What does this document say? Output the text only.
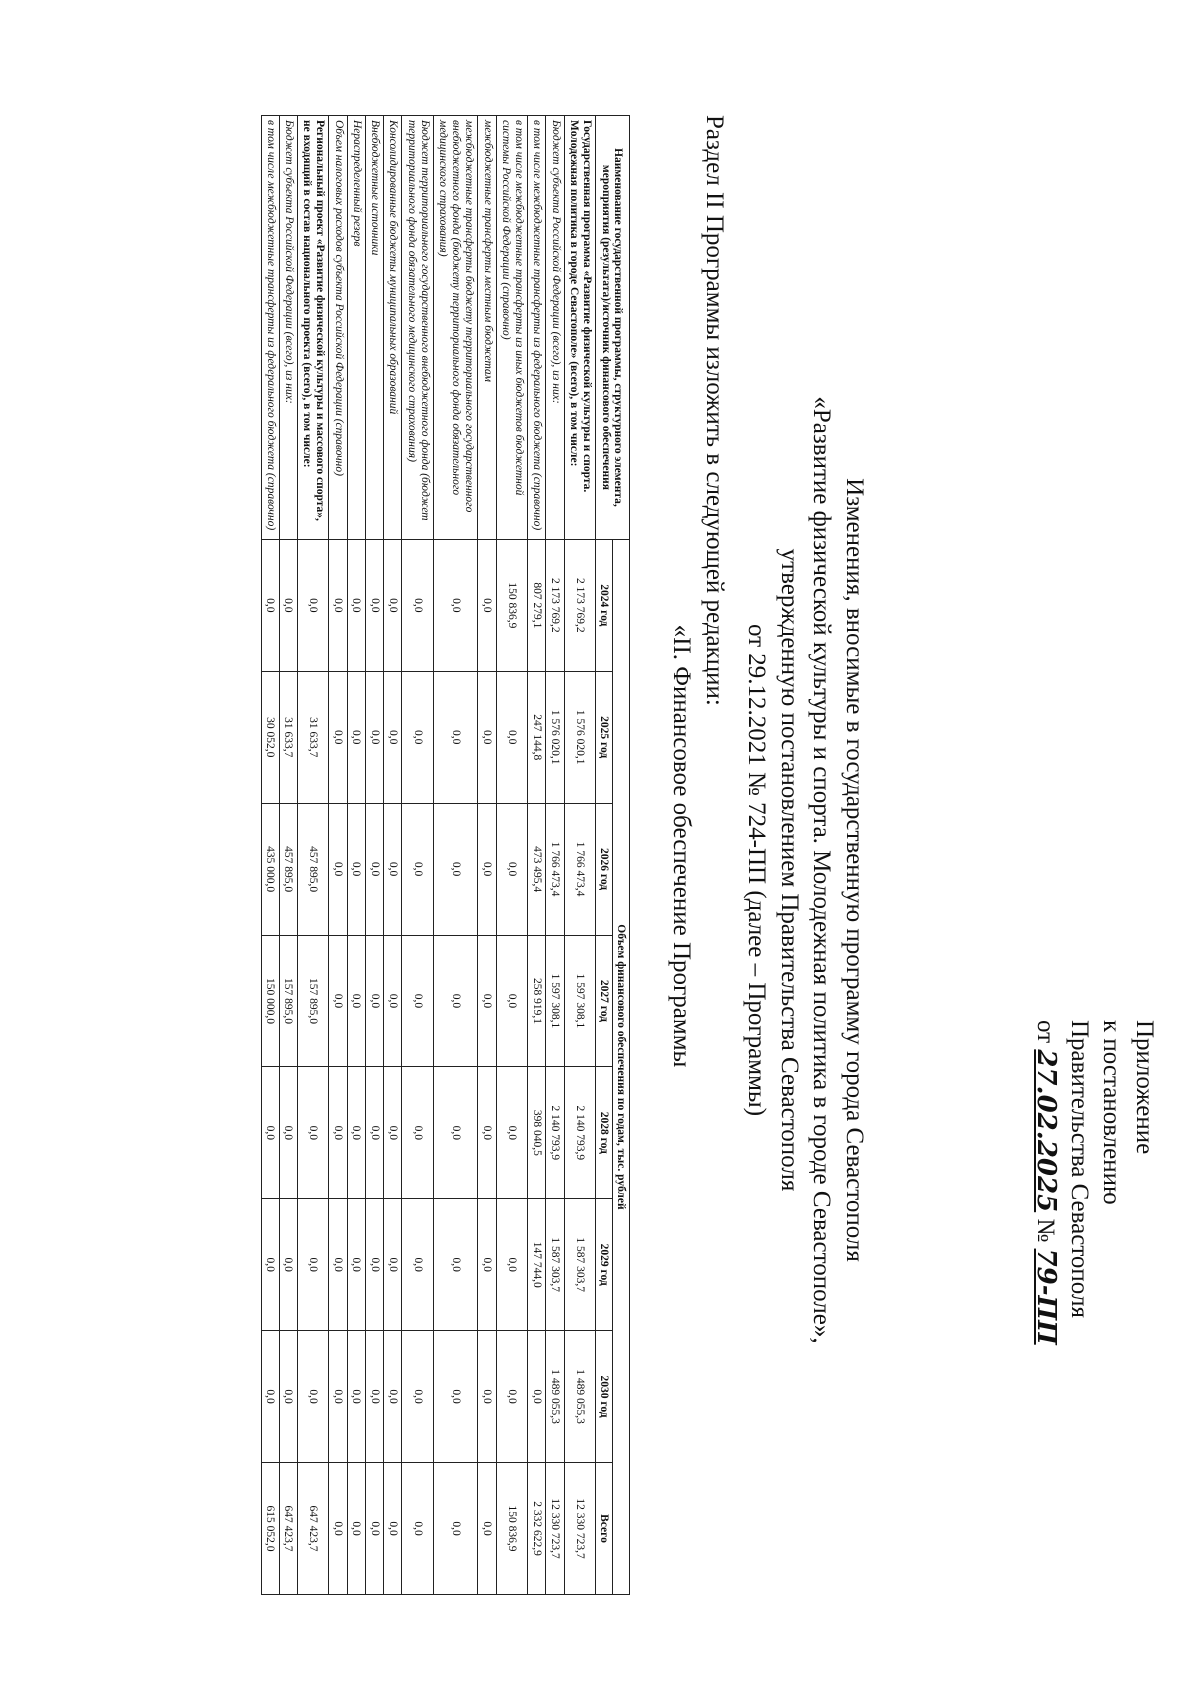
Приложение
к постановлению
Правительства Севастополя
от 27.02.2025 № 79-ПП
Изменения, вносимые в государственную программу города Севастополя
«Развитие физической культуры и спорта. Молодежная политика в городе Севастополе»,
утвержденную постановлением Правительства Севастополя
от 29.12.2021 № 724-ПП (далее – Программы)
Раздел II Программы изложить в следующей редакции:
«II. Финансовое обеспечение Программы
Наименование государственной программы, структурного элемента, мероприятия (результата)/источник финансового обеспечения	Объем финансового обеспечения по годам, тыс. рублей							
	2024 год	2025 год	2026 год	2027 год	2028 год	2029 год	2030 год	Всего
Государственная программа «Развитие физической культуры и спорта. Молодежная политика в городе Севастополе» (всего), в том числе:	2 173 769,2	1 576 020,1	1 766 473,4	1 597 308,1	2 140 793,9	1 587 303,7	1 489 055,3	12 330 723,7
Бюджет субъекта Российской Федерации (всего), из них:	2 173 769,2	1 576 020,1	1 766 473,4	1 597 308,1	2 140 793,9	1 587 303,7	1 489 055,3	12 330 723,7
в том числе межбюджетные трансферты из федерального бюджета (справочно)	807 279,1	247 144,8	473 495,4	258 919,1	398 040,5	147 744,0	0,0	2 332 622,9
в том числе межбюджетные трансферты из иных бюджетов бюджетной системы Российской Федерации (справочно)	150 836,9	0,0	0,0	0,0	0,0	0,0	0,0	150 836,9
межбюджетные трансферты местным бюджетам	0,0	0,0	0,0	0,0	0,0	0,0	0,0	0,0
межбюджетные трансферты бюджету территориального государственного внебюджетного фонда (бюджету территориального фонда обязательного медицинского страхования)	0,0	0,0	0,0	0,0	0,0	0,0	0,0	0,0
Бюджет территориального государственного внебюджетного фонда (бюджет территориального фонда обязательного медицинского страхования)	0,0	0,0	0,0	0,0	0,0	0,0	0,0	0,0
Консолидированные бюджеты муниципальных образований	0,0	0,0	0,0	0,0	0,0	0,0	0,0	0,0
Внебюджетные источники	0,0	0,0	0,0	0,0	0,0	0,0	0,0	0,0
Нераспределенный резерв	0,0	0,0	0,0	0,0	0,0	0,0	0,0	0,0
Объем налоговых расходов субъекта Российской Федерации (справочно)	0,0	0,0	0,0	0,0	0,0	0,0	0,0	0,0
Региональный проект «Развитие физической культуры и массового спорта», не входящий в состав национального проекта (всего), в том числе:	0,0	31 633,7	457 895,0	157 895,0	0,0	0,0	0,0	647 423,7
Бюджет субъекта Российской Федерации (всего), из них:	0,0	31 633,7	457 895,0	157 895,0	0,0	0,0	0,0	647 423,7
в том числе межбюджетные трансферты из федерального бюджета (справочно)	0,0	30 052,0	435 000,0	150 000,0	0,0	0,0	0,0	615 052,0
